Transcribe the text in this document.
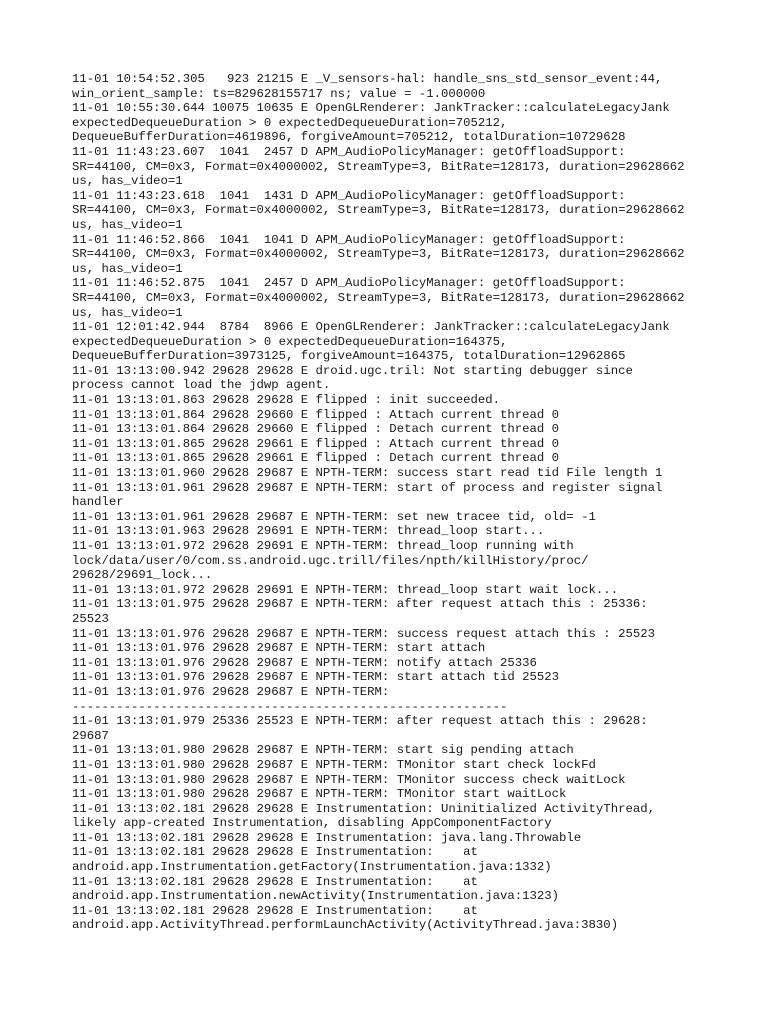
11-01 10:54:52.305   923 21215 E _V_sensors-hal: handle_sns_std_sensor_event:44,
win_orient_sample: ts=829628155717 ns; value = -1.000000
11-01 10:55:30.644 10075 10635 E OpenGLRenderer: JankTracker::calculateLegacyJank
expectedDequeueDuration > 0 expectedDequeueDuration=705212,
DequeueBufferDuration=4619896, forgiveAmount=705212, totalDuration=10729628
11-01 11:43:23.607  1041  2457 D APM_AudioPolicyManager: getOffloadSupport:
SR=44100, CM=0x3, Format=0x4000002, StreamType=3, BitRate=128173, duration=29628662
us, has_video=1
11-01 11:43:23.618  1041  1431 D APM_AudioPolicyManager: getOffloadSupport:
SR=44100, CM=0x3, Format=0x4000002, StreamType=3, BitRate=128173, duration=29628662
us, has_video=1
11-01 11:46:52.866  1041  1041 D APM_AudioPolicyManager: getOffloadSupport:
SR=44100, CM=0x3, Format=0x4000002, StreamType=3, BitRate=128173, duration=29628662
us, has_video=1
11-01 11:46:52.875  1041  2457 D APM_AudioPolicyManager: getOffloadSupport:
SR=44100, CM=0x3, Format=0x4000002, StreamType=3, BitRate=128173, duration=29628662
us, has_video=1
11-01 12:01:42.944  8784  8966 E OpenGLRenderer: JankTracker::calculateLegacyJank
expectedDequeueDuration > 0 expectedDequeueDuration=164375,
DequeueBufferDuration=3973125, forgiveAmount=164375, totalDuration=12962865
11-01 13:13:00.942 29628 29628 E droid.ugc.tril: Not starting debugger since
process cannot load the jdwp agent.
11-01 13:13:01.863 29628 29628 E flipped : init succeeded.
11-01 13:13:01.864 29628 29660 E flipped : Attach current thread 0
11-01 13:13:01.864 29628 29660 E flipped : Detach current thread 0
11-01 13:13:01.865 29628 29661 E flipped : Attach current thread 0
11-01 13:13:01.865 29628 29661 E flipped : Detach current thread 0
11-01 13:13:01.960 29628 29687 E NPTH-TERM: success start read tid File length 1
11-01 13:13:01.961 29628 29687 E NPTH-TERM: start of process and register signal
handler
11-01 13:13:01.961 29628 29687 E NPTH-TERM: set new tracee tid, old= -1
11-01 13:13:01.963 29628 29691 E NPTH-TERM: thread_loop start...
11-01 13:13:01.972 29628 29691 E NPTH-TERM: thread_loop running with
lock/data/user/0/com.ss.android.ugc.trill/files/npth/killHistory/proc/
29628/29691_lock...
11-01 13:13:01.972 29628 29691 E NPTH-TERM: thread_loop start wait lock...
11-01 13:13:01.975 29628 29687 E NPTH-TERM: after request attach this : 25336:
25523
11-01 13:13:01.976 29628 29687 E NPTH-TERM: success request attach this : 25523
11-01 13:13:01.976 29628 29687 E NPTH-TERM: start attach
11-01 13:13:01.976 29628 29687 E NPTH-TERM: notify attach 25336
11-01 13:13:01.976 29628 29687 E NPTH-TERM: start attach tid 25523
11-01 13:13:01.976 29628 29687 E NPTH-TERM:
-----------------------------------------------------------
11-01 13:13:01.979 25336 25523 E NPTH-TERM: after request attach this : 29628:
29687
11-01 13:13:01.980 29628 29687 E NPTH-TERM: start sig pending attach
11-01 13:13:01.980 29628 29687 E NPTH-TERM: TMonitor start check lockFd
11-01 13:13:01.980 29628 29687 E NPTH-TERM: TMonitor success check waitLock
11-01 13:13:01.980 29628 29687 E NPTH-TERM: TMonitor start waitLock
11-01 13:13:02.181 29628 29628 E Instrumentation: Uninitialized ActivityThread,
likely app-created Instrumentation, disabling AppComponentFactory
11-01 13:13:02.181 29628 29628 E Instrumentation: java.lang.Throwable
11-01 13:13:02.181 29628 29628 E Instrumentation:    at
android.app.Instrumentation.getFactory(Instrumentation.java:1332)
11-01 13:13:02.181 29628 29628 E Instrumentation:    at
android.app.Instrumentation.newActivity(Instrumentation.java:1323)
11-01 13:13:02.181 29628 29628 E Instrumentation:    at
android.app.ActivityThread.performLaunchActivity(ActivityThread.java:3830)
